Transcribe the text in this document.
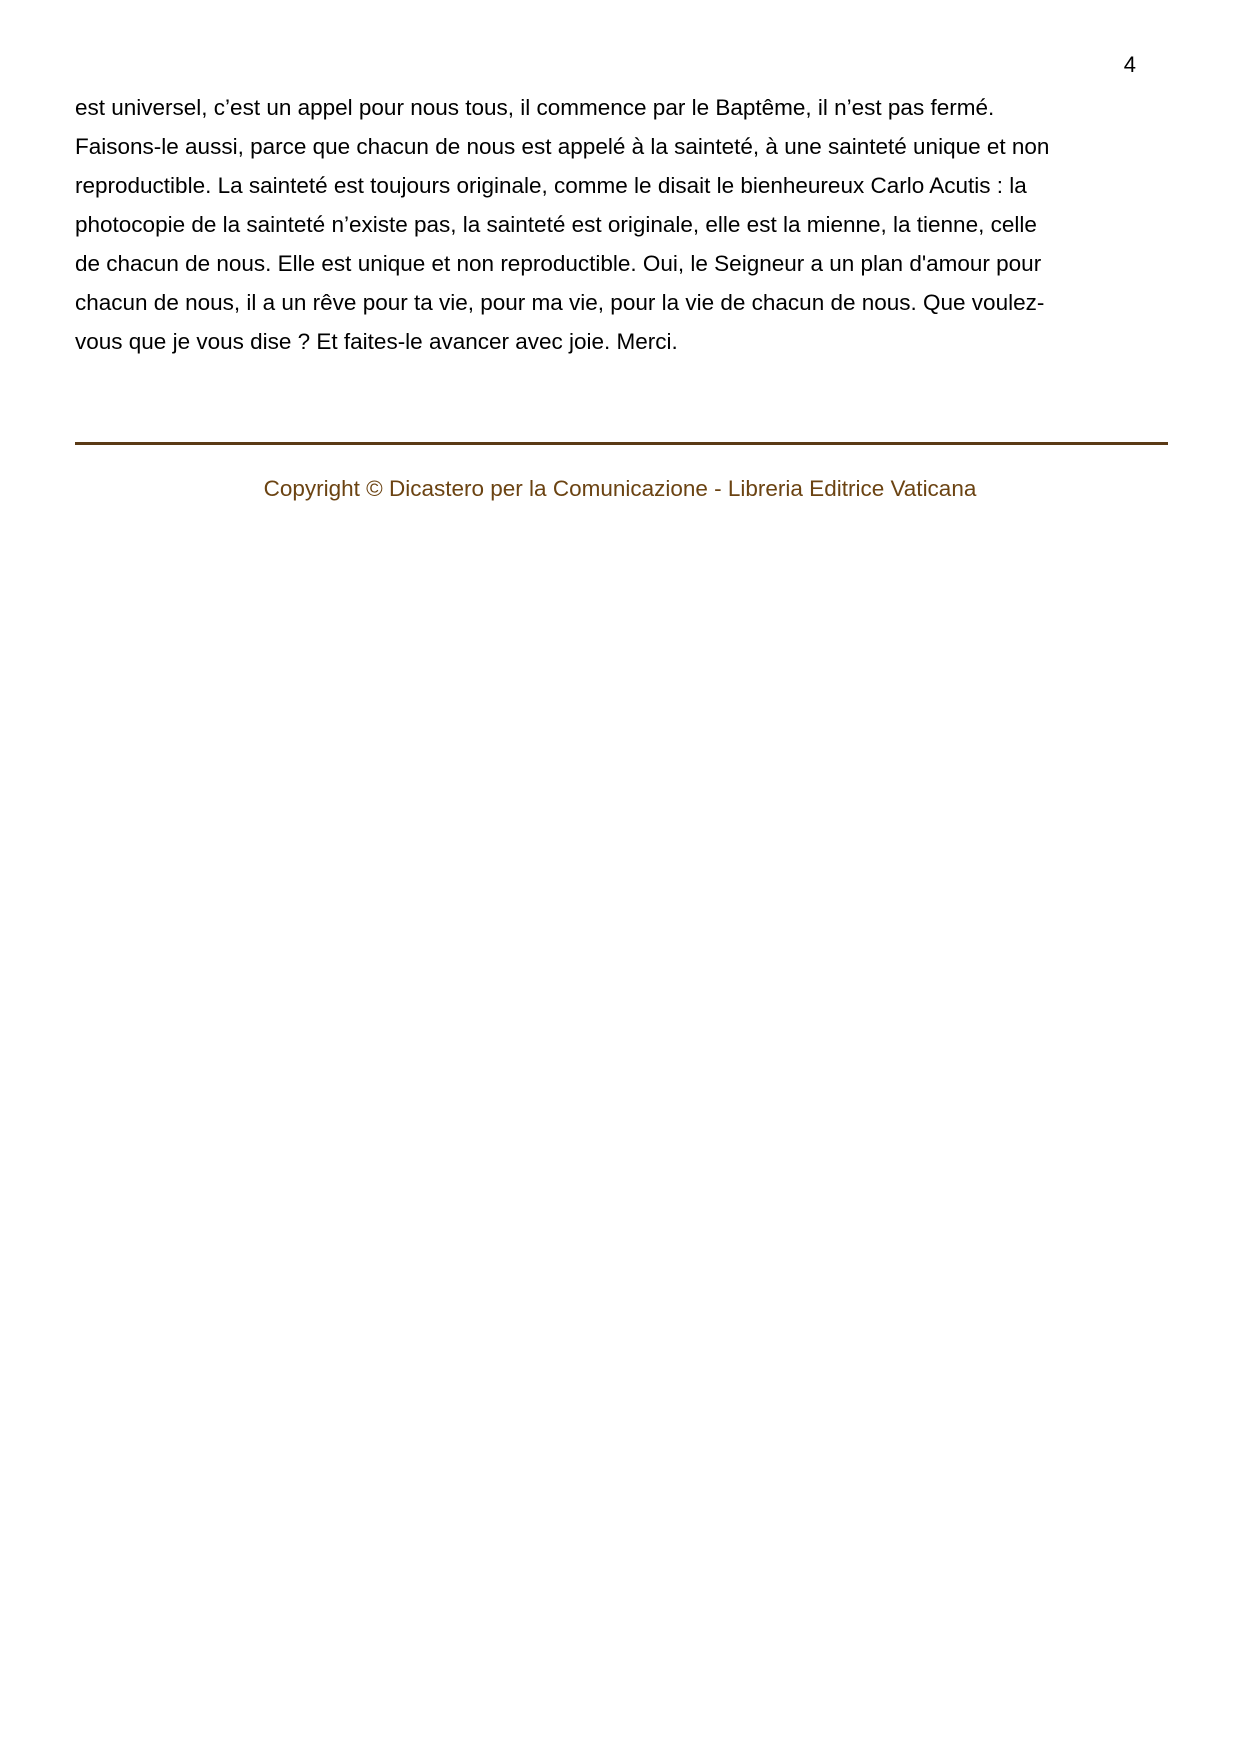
4
est universel, c’est un appel pour nous tous, il commence par le Baptême, il n’est pas fermé.
Faisons-le aussi, parce que chacun de nous est appelé à la sainteté, à une sainteté unique et non
reproductible. La sainteté est toujours originale, comme le disait le bienheureux Carlo Acutis : la
photocopie de la sainteté n’existe pas, la sainteté est originale, elle est la mienne, la tienne, celle
de chacun de nous. Elle est unique et non reproductible. Oui, le Seigneur a un plan d'amour pour
chacun de nous, il a un rêve pour ta vie, pour ma vie, pour la vie de chacun de nous. Que voulez-
vous que je vous dise ? Et faites-le avancer avec joie. Merci.
Copyright © Dicastero per la Comunicazione - Libreria Editrice Vaticana
